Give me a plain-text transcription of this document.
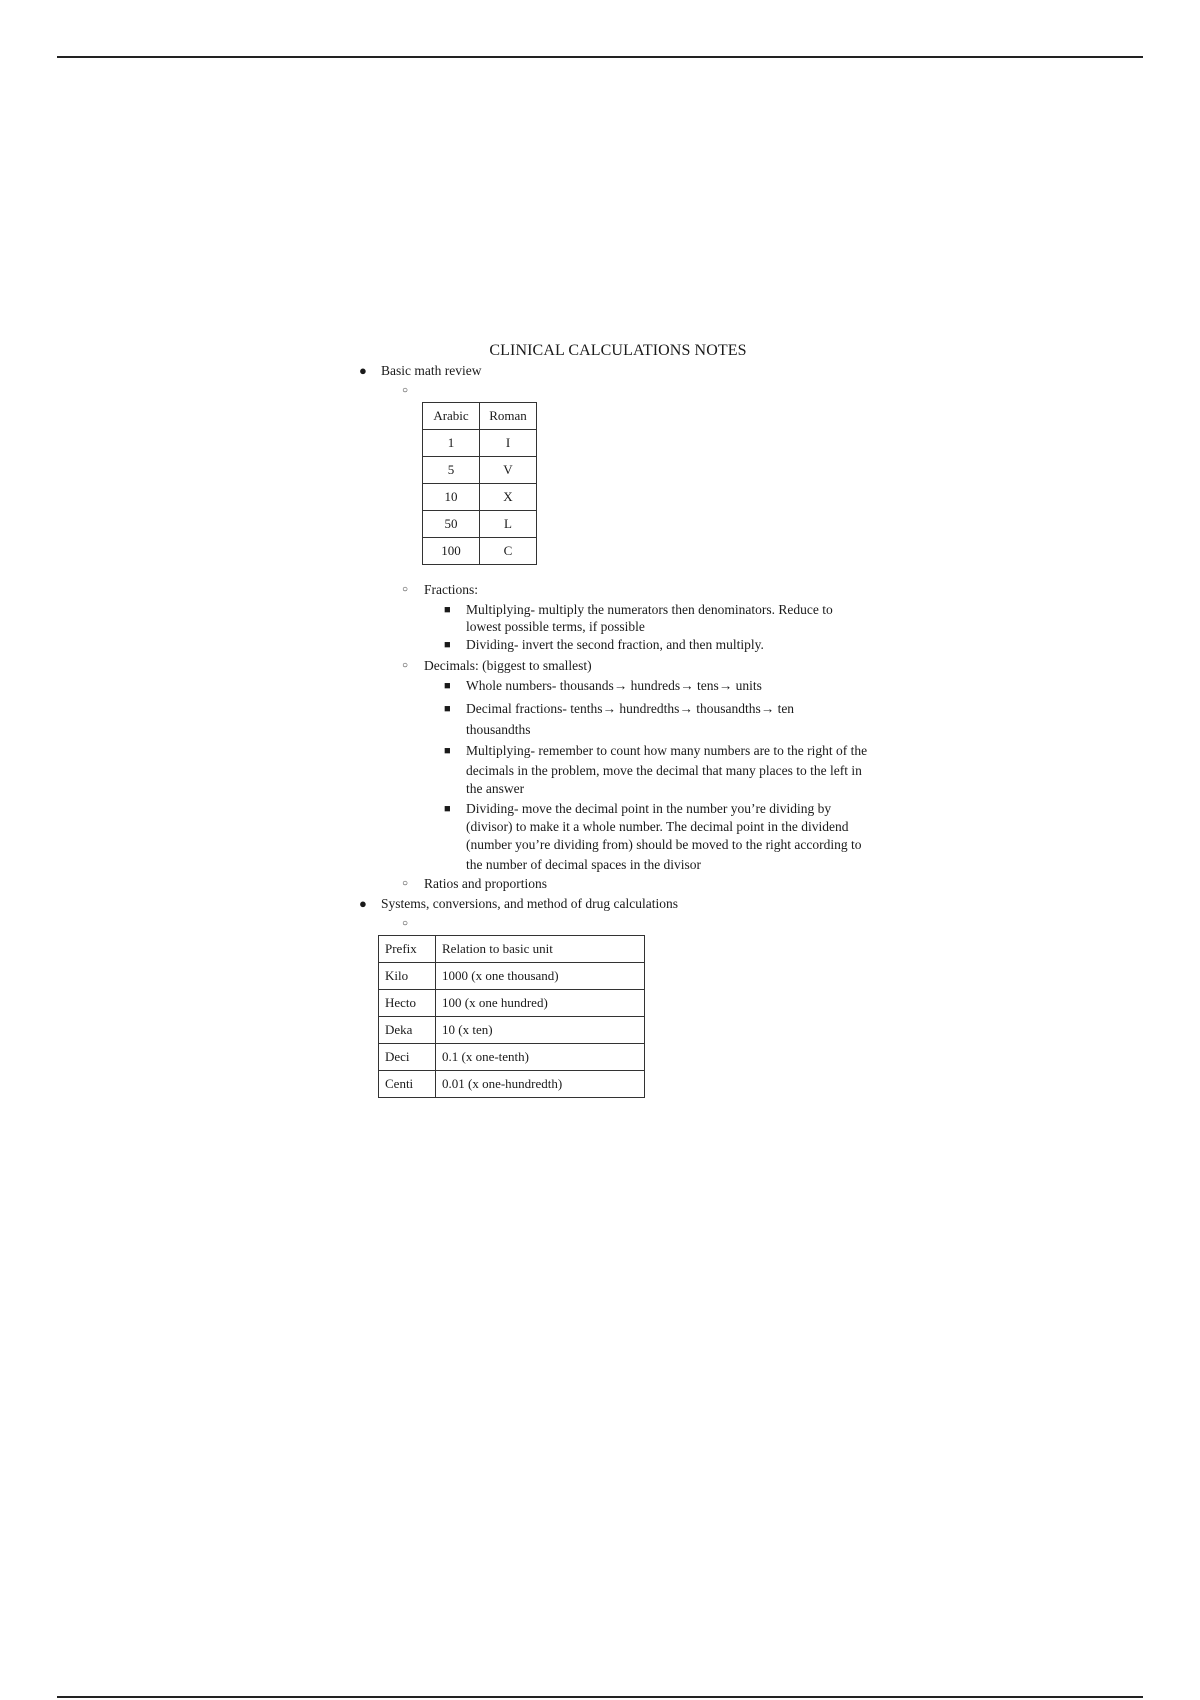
CLINICAL CALCULATIONS NOTES
● Basic math review
○
Arabic	Roman
1	I
5	V
10	X
50	L
100	C
○ Fractions:
■ Multiplying- multiply the numerators then denominators. Reduce to
lowest possible terms, if possible
■ Dividing- invert the second fraction, and then multiply.
○ Decimals: (biggest to smallest)
■ Whole numbers- thousands→ hundreds→ tens→ units
■ Decimal fractions- tenths→ hundredths→ thousandths→ ten
thousandths
■ Multiplying- remember to count how many numbers are to the right of the
decimals in the problem, move the decimal that many places to the left in
the answer
■ Dividing- move the decimal point in the number you’re dividing by
(divisor) to make it a whole number. The decimal point in the dividend
(number you’re dividing from) should be moved to the right according to
the number of decimal spaces in the divisor
○ Ratios and proportions
● Systems, conversions, and method of drug calculations
○
Prefix	Relation to basic unit
Kilo	1000 (x one thousand)
Hecto	100 (x one hundred)
Deka	10 (x ten)
Deci	0.1 (x one-tenth)
Centi	0.01 (x one-hundredth)
